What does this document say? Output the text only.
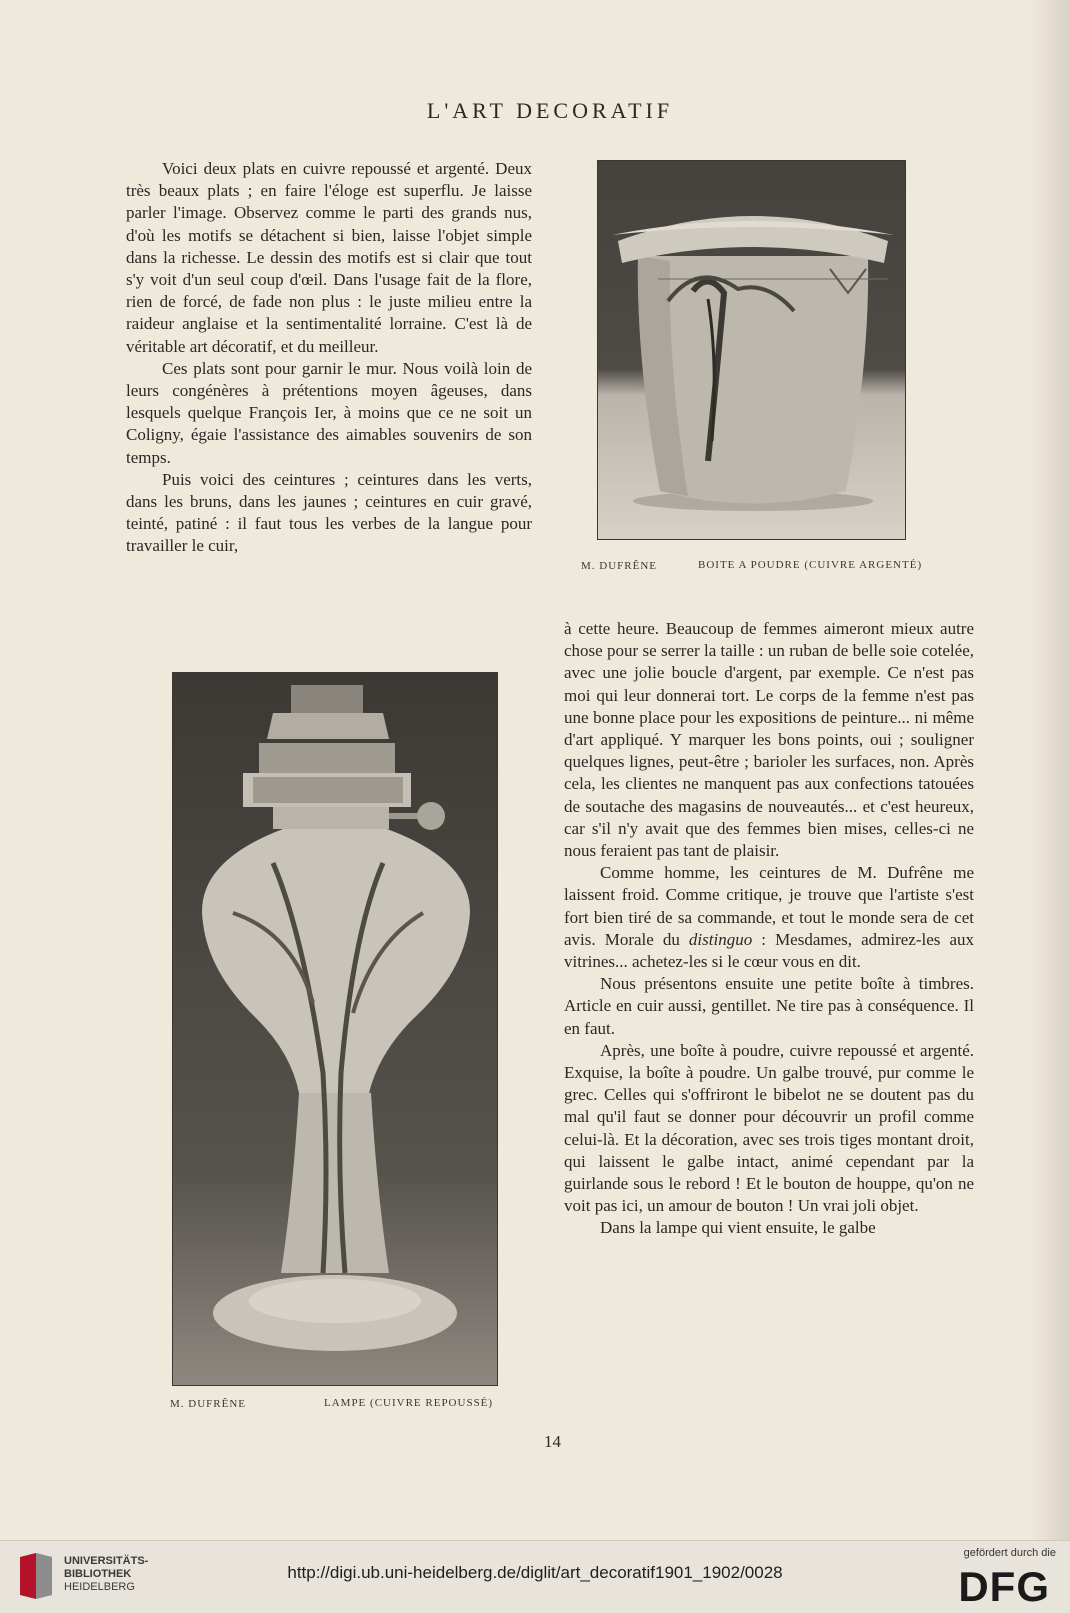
L'ART DECORATIF

Voici deux plats en cuivre repoussé et argenté. Deux très beaux plats ; en faire l'éloge est superflu. Je laisse parler l'image. Observez comme le parti des grands nus, d'où les motifs se détachent si bien, laisse l'objet simple dans la richesse. Le dessin des motifs est si clair que tout s'y voit d'un seul coup d'œil. Dans l'usage fait de la flore, rien de forcé, de fade non plus : le juste milieu entre la raideur anglaise et la sentimentalité lorraine. C'est là de véritable art décoratif, et du meilleur.

Ces plats sont pour garnir le mur. Nous voilà loin de leurs congénères à prétentions moyen âgeuses, dans lesquels quelque François Ier, à moins que ce ne soit un Coligny, égaie l'assistance des aimables souvenirs de son temps.

Puis voici des ceintures ; ceintures dans les verts, dans les bruns, dans les jaunes ; ceintures en cuir gravé, teinté, patiné : il faut tous les verbes de la langue pour travailler le cuir,

M. DUFRÊNE	BOITE A POUDRE (CUIVRE ARGENTÉ)
M. DUFRÊNE	LAMPE (CUIVRE REPOUSSÉ)

à cette heure. Beaucoup de femmes aimeront mieux autre chose pour se serrer la taille : un ruban de belle soie cotelée, avec une jolie boucle d'argent, par exemple. Ce n'est pas moi qui leur donnerai tort. Le corps de la femme n'est pas une bonne place pour les expositions de peinture... ni même d'art appliqué. Y marquer les bons points, oui ; souligner quelques lignes, peut-être ; barioler les surfaces, non. Après cela, les clientes ne manquent pas aux confections tatouées de soutache des magasins de nouveautés... et c'est heureux, car s'il n'y avait que des femmes bien mises, celles-ci ne nous feraient pas tant de plaisir.

Comme homme, les ceintures de M. Dufrêne me laissent froid. Comme critique, je trouve que l'artiste s'est fort bien tiré de sa commande, et tout le monde sera de cet avis. Morale du distinguo : Mesdames, admirez-les aux vitrines... achetez-les si le cœur vous en dit.

Nous présentons ensuite une petite boîte à timbres. Article en cuir aussi, gentillet. Ne tire pas à conséquence. Il en faut.

Après, une boîte à poudre, cuivre repoussé et argenté. Exquise, la boîte à poudre. Un galbe trouvé, pur comme le grec. Celles qui s'offriront le bibelot ne se doutent pas du mal qu'il faut se donner pour découvrir un profil comme celui-là. Et la décoration, avec ses trois tiges montant droit, qui laissent le galbe intact, animé cependant par la guirlande sous le rebord ! Et le bouton de houppe, qu'on ne voit pas ici, un amour de bouton ! Un vrai joli objet.

Dans la lampe qui vient ensuite, le galbe

14
UNIVERSITÄTS-
BIBLIOTHEK
HEIDELBERG
http://digi.ub.uni-heidelberg.de/diglit/art_decoratif1901_1902/0028
gefördert durch die
DFG
